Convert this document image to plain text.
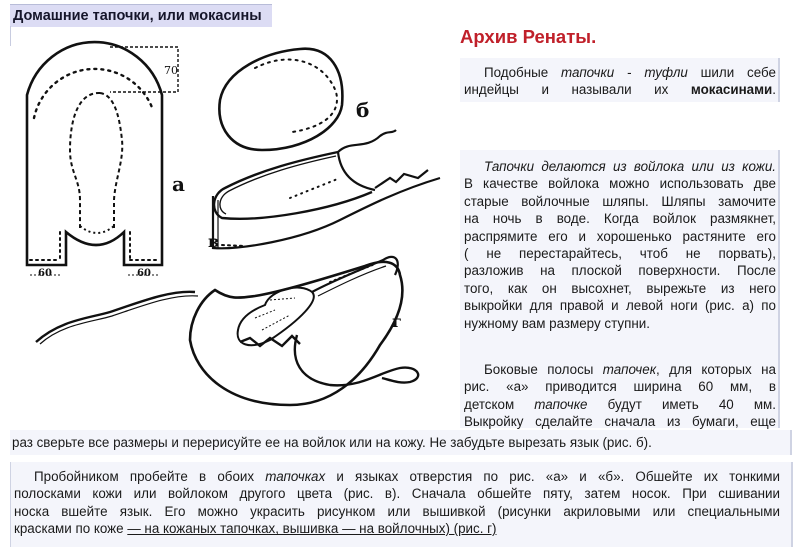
Домашние тапочки, или мокасины
а
б
в
г
70
60	60
Архив Ренаты.
Подобные тапочки - туфли шили себе
индейцы и называли их мокасинами.
Тапочки делаются из войлока или из кожи.
В качестве войлока можно использовать две
старые войлочные шляпы. Шляпы замочите
на ночь в воде. Когда войлок размякнет,
распрямите его и хорошенько растяните его
( не перестарайтесь, чтоб не порвать),
разложив на плоской поверхности. После
того, как он высохнет, вырежьте из него
выкройки для правой и левой ноги (рис. а) по
нужному вам размеру ступни.
Боковые полосы тапочек, для которых на
рис. «а» приводится ширина 60 мм, в
детском тапочке будут иметь 40 мм.
Выкройку сделайте сначала из бумаги, еще
раз сверьте все размеры и перерисуйте ее на войлок или на кожу. Не забудьте вырезать язык (рис. б).
Пробойником пробейте в обоих тапочках и языках отверстия по рис. «а» и «б». Обшейте их тонкими
полосками кожи или войлоком другого цвета (рис. в). Сначала обшейте пяту, затем носок. При сшивании
носка вшейте язык. Его можно украсить рисунком или вышивкой (рисунки акриловыми или специальными
красками по коже — на кожаных тапочках, вышивка — на войлочных) (рис. г)
